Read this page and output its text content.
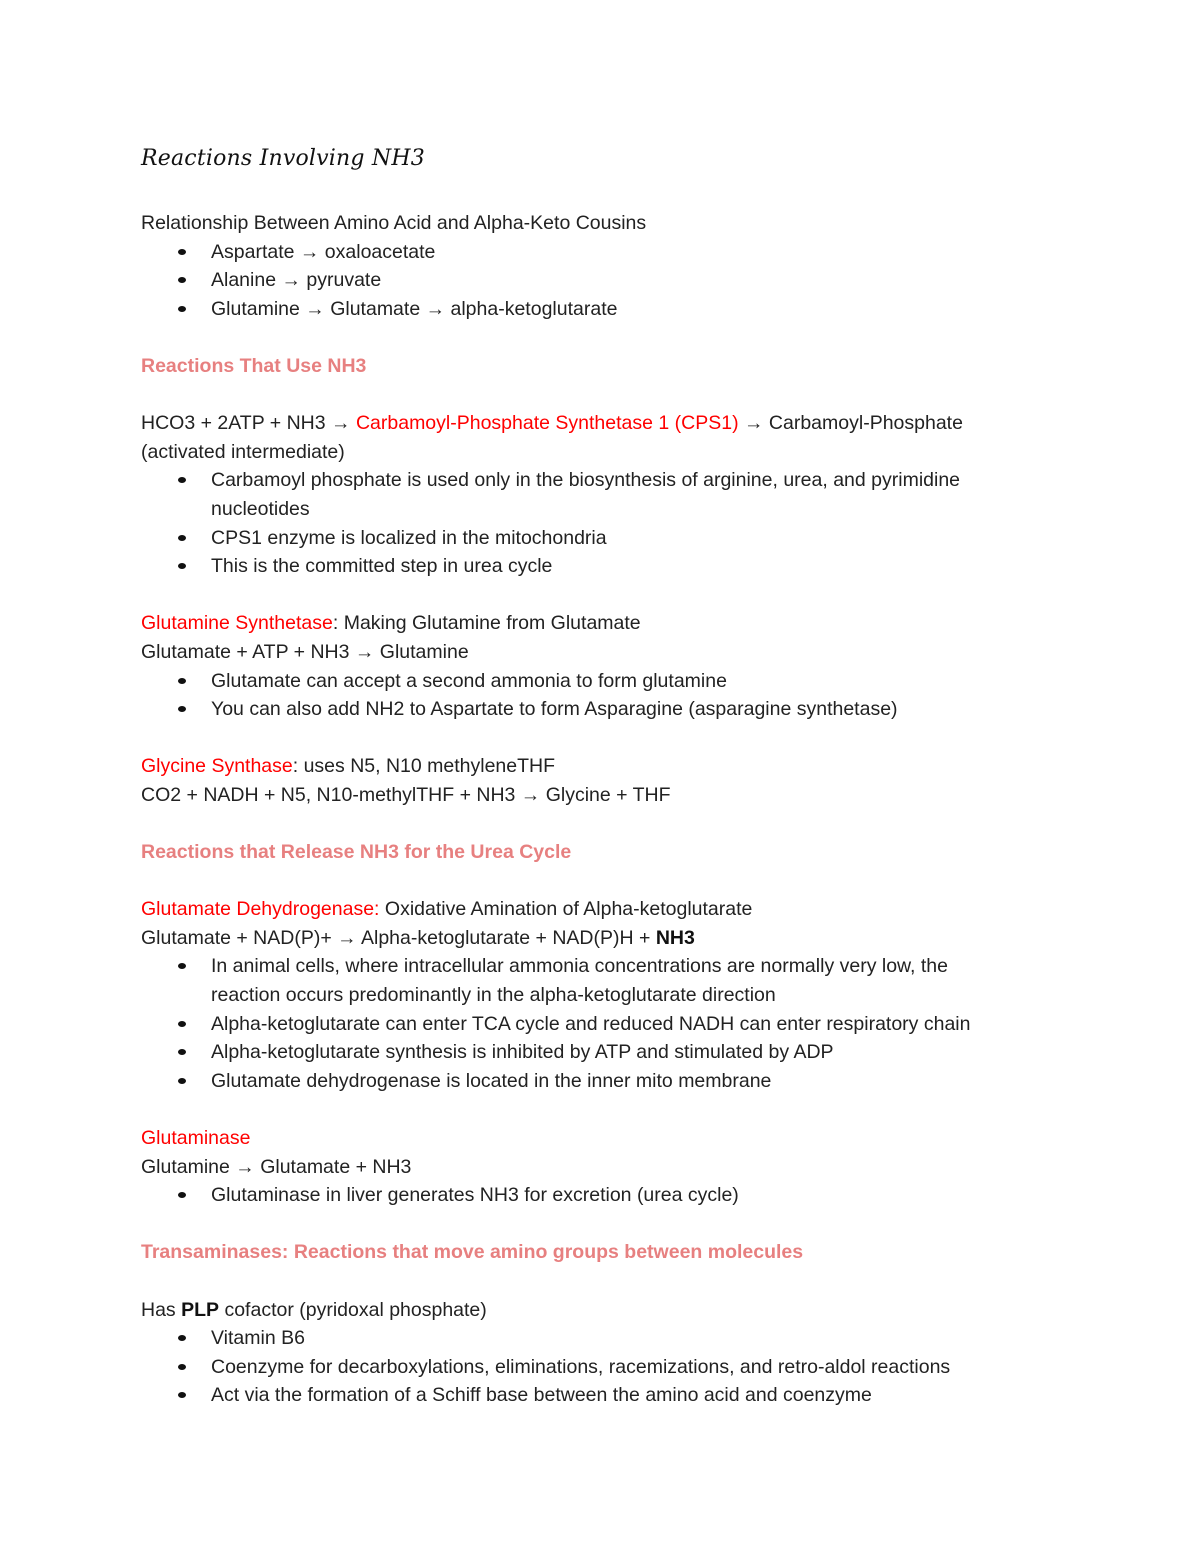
Reactions Involving NH3

Relationship Between Amino Acid and Alpha-Keto Cousins

Aspartate → oxaloacetate
Alanine → pyruvate
Glutamine → Glutamate → alpha-ketoglutarate

Reactions That Use NH3

HCO3 + 2ATP + NH3 → Carbamoyl-Phosphate Synthetase 1 (CPS1) → Carbamoyl-Phosphate

(activated intermediate)

Carbamoyl phosphate is used only in the biosynthesis of arginine, urea, and pyrimidine
nucleotides
CPS1 enzyme is localized in the mitochondria
This is the committed step in urea cycle

Glutamine Synthetase: Making Glutamine from Glutamate

Glutamate + ATP + NH3 → Glutamine

Glutamate can accept a second ammonia to form glutamine
You can also add NH2 to Aspartate to form Asparagine (asparagine synthetase)

Glycine Synthase: uses N5, N10 methyleneTHF

CO2 + NADH + N5, N10-methylTHF + NH3 → Glycine + THF

Reactions that Release NH3 for the Urea Cycle

Glutamate Dehydrogenase: Oxidative Amination of Alpha-ketoglutarate

Glutamate + NAD(P)+ → Alpha-ketoglutarate + NAD(P)H + NH3

In animal cells, where intracellular ammonia concentrations are normally very low, the
reaction occurs predominantly in the alpha-ketoglutarate direction
Alpha-ketoglutarate can enter TCA cycle and reduced NADH can enter respiratory chain
Alpha-ketoglutarate synthesis is inhibited by ATP and stimulated by ADP
Glutamate dehydrogenase is located in the inner mito membrane

Glutaminase

Glutamine → Glutamate + NH3

Glutaminase in liver generates NH3 for excretion (urea cycle)

Transaminases: Reactions that move amino groups between molecules

Has PLP cofactor (pyridoxal phosphate)

Vitamin B6
Coenzyme for decarboxylations, eliminations, racemizations, and retro-aldol reactions
Act via the formation of a Schiff base between the amino acid and coenzyme
